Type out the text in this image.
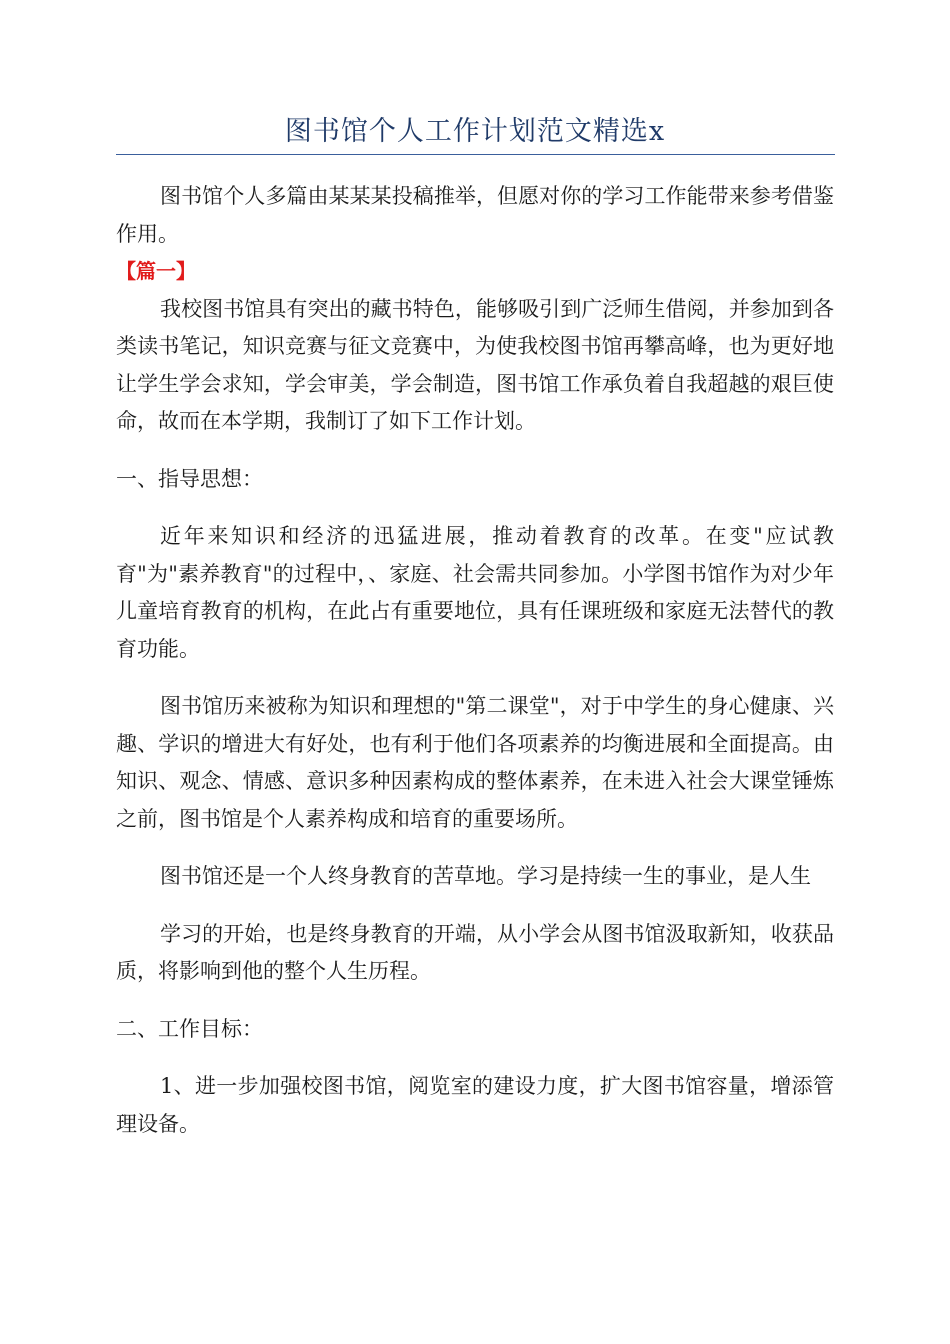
图书馆个人工作计划范文精选x

图书馆个人多篇由某某某投稿推举，但愿对你的学习工作能带来参考借鉴作用。

【篇一】

我校图书馆具有突出的藏书特色，能够吸引到广泛师生借阅，并参加到各类读书笔记，知识竞赛与征文竞赛中，为使我校图书馆再攀高峰，也为更好地让学生学会求知，学会审美，学会制造，图书馆工作承负着自我超越的艰巨使命，故而在本学期，我制订了如下工作计划。

一、指导思想：

近年来知识和经济的迅猛进展，推动着教育的改革。在变"应试教育"为"素养教育"的过程中，、家庭、社会需共同参加。小学图书馆作为对少年儿童培育教育的机构，在此占有重要地位，具有任课班级和家庭无法替代的教育功能。

图书馆历来被称为知识和理想的"第二课堂"，对于中学生的身心健康、兴趣、学识的增进大有好处，也有利于他们各项素养的均衡进展和全面提高。由知识、观念、情感、意识多种因素构成的整体素养，在未进入社会大课堂锤炼之前，图书馆是个人素养构成和培育的重要场所。

图书馆还是一个人终身教育的苦草地。学习是持续一生的事业，是人生

学习的开始，也是终身教育的开端，从小学会从图书馆汲取新知，收获品质，将影响到他的整个人生历程。

二、工作目标：

1、进一步加强校图书馆，阅览室的建设力度，扩大图书馆容量，增添管理设备。
